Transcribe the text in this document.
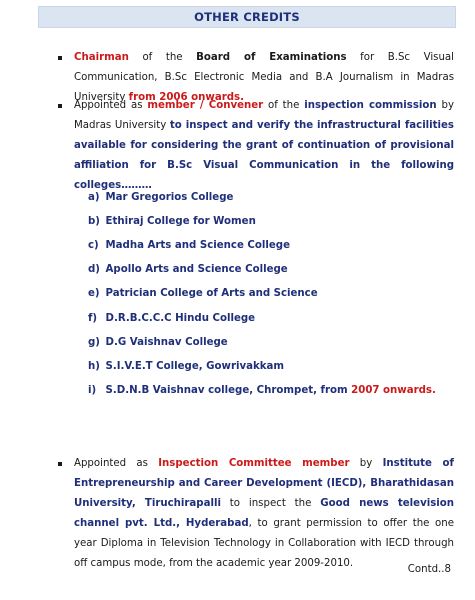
OTHER CREDITS
Chairman of the Board of Examinations for B.Sc Visual Communication, B.Sc Electronic Media and B.A Journalism in Madras University from 2006 onwards.
Appointed as member / Convener of the inspection commission by Madras University to inspect and verify the infrastructural facilities available for considering the grant of continuation of provisional affiliation for B.Sc Visual Communication in the following colleges………
a) Mar Gregorios College
b) Ethiraj College for Women
c) Madha Arts and Science College
d) Apollo Arts and Science College
e) Patrician College of Arts and Science
f) D.R.B.C.C.C Hindu College
g) D.G Vaishnav College
h) S.I.V.E.T College, Gowrivakkam
i) S.D.N.B Vaishnav college, Chrompet, from 2007 onwards.
Appointed as Inspection Committee member by Institute of Entrepreneurship and Career Development (IECD), Bharathidasan University, Tiruchirapalli to inspect the Good news television channel pvt. Ltd., Hyderabad, to grant permission to offer the one year Diploma in Television Technology in Collaboration with IECD through off campus mode, from the academic year 2009-2010.
Contd..8
